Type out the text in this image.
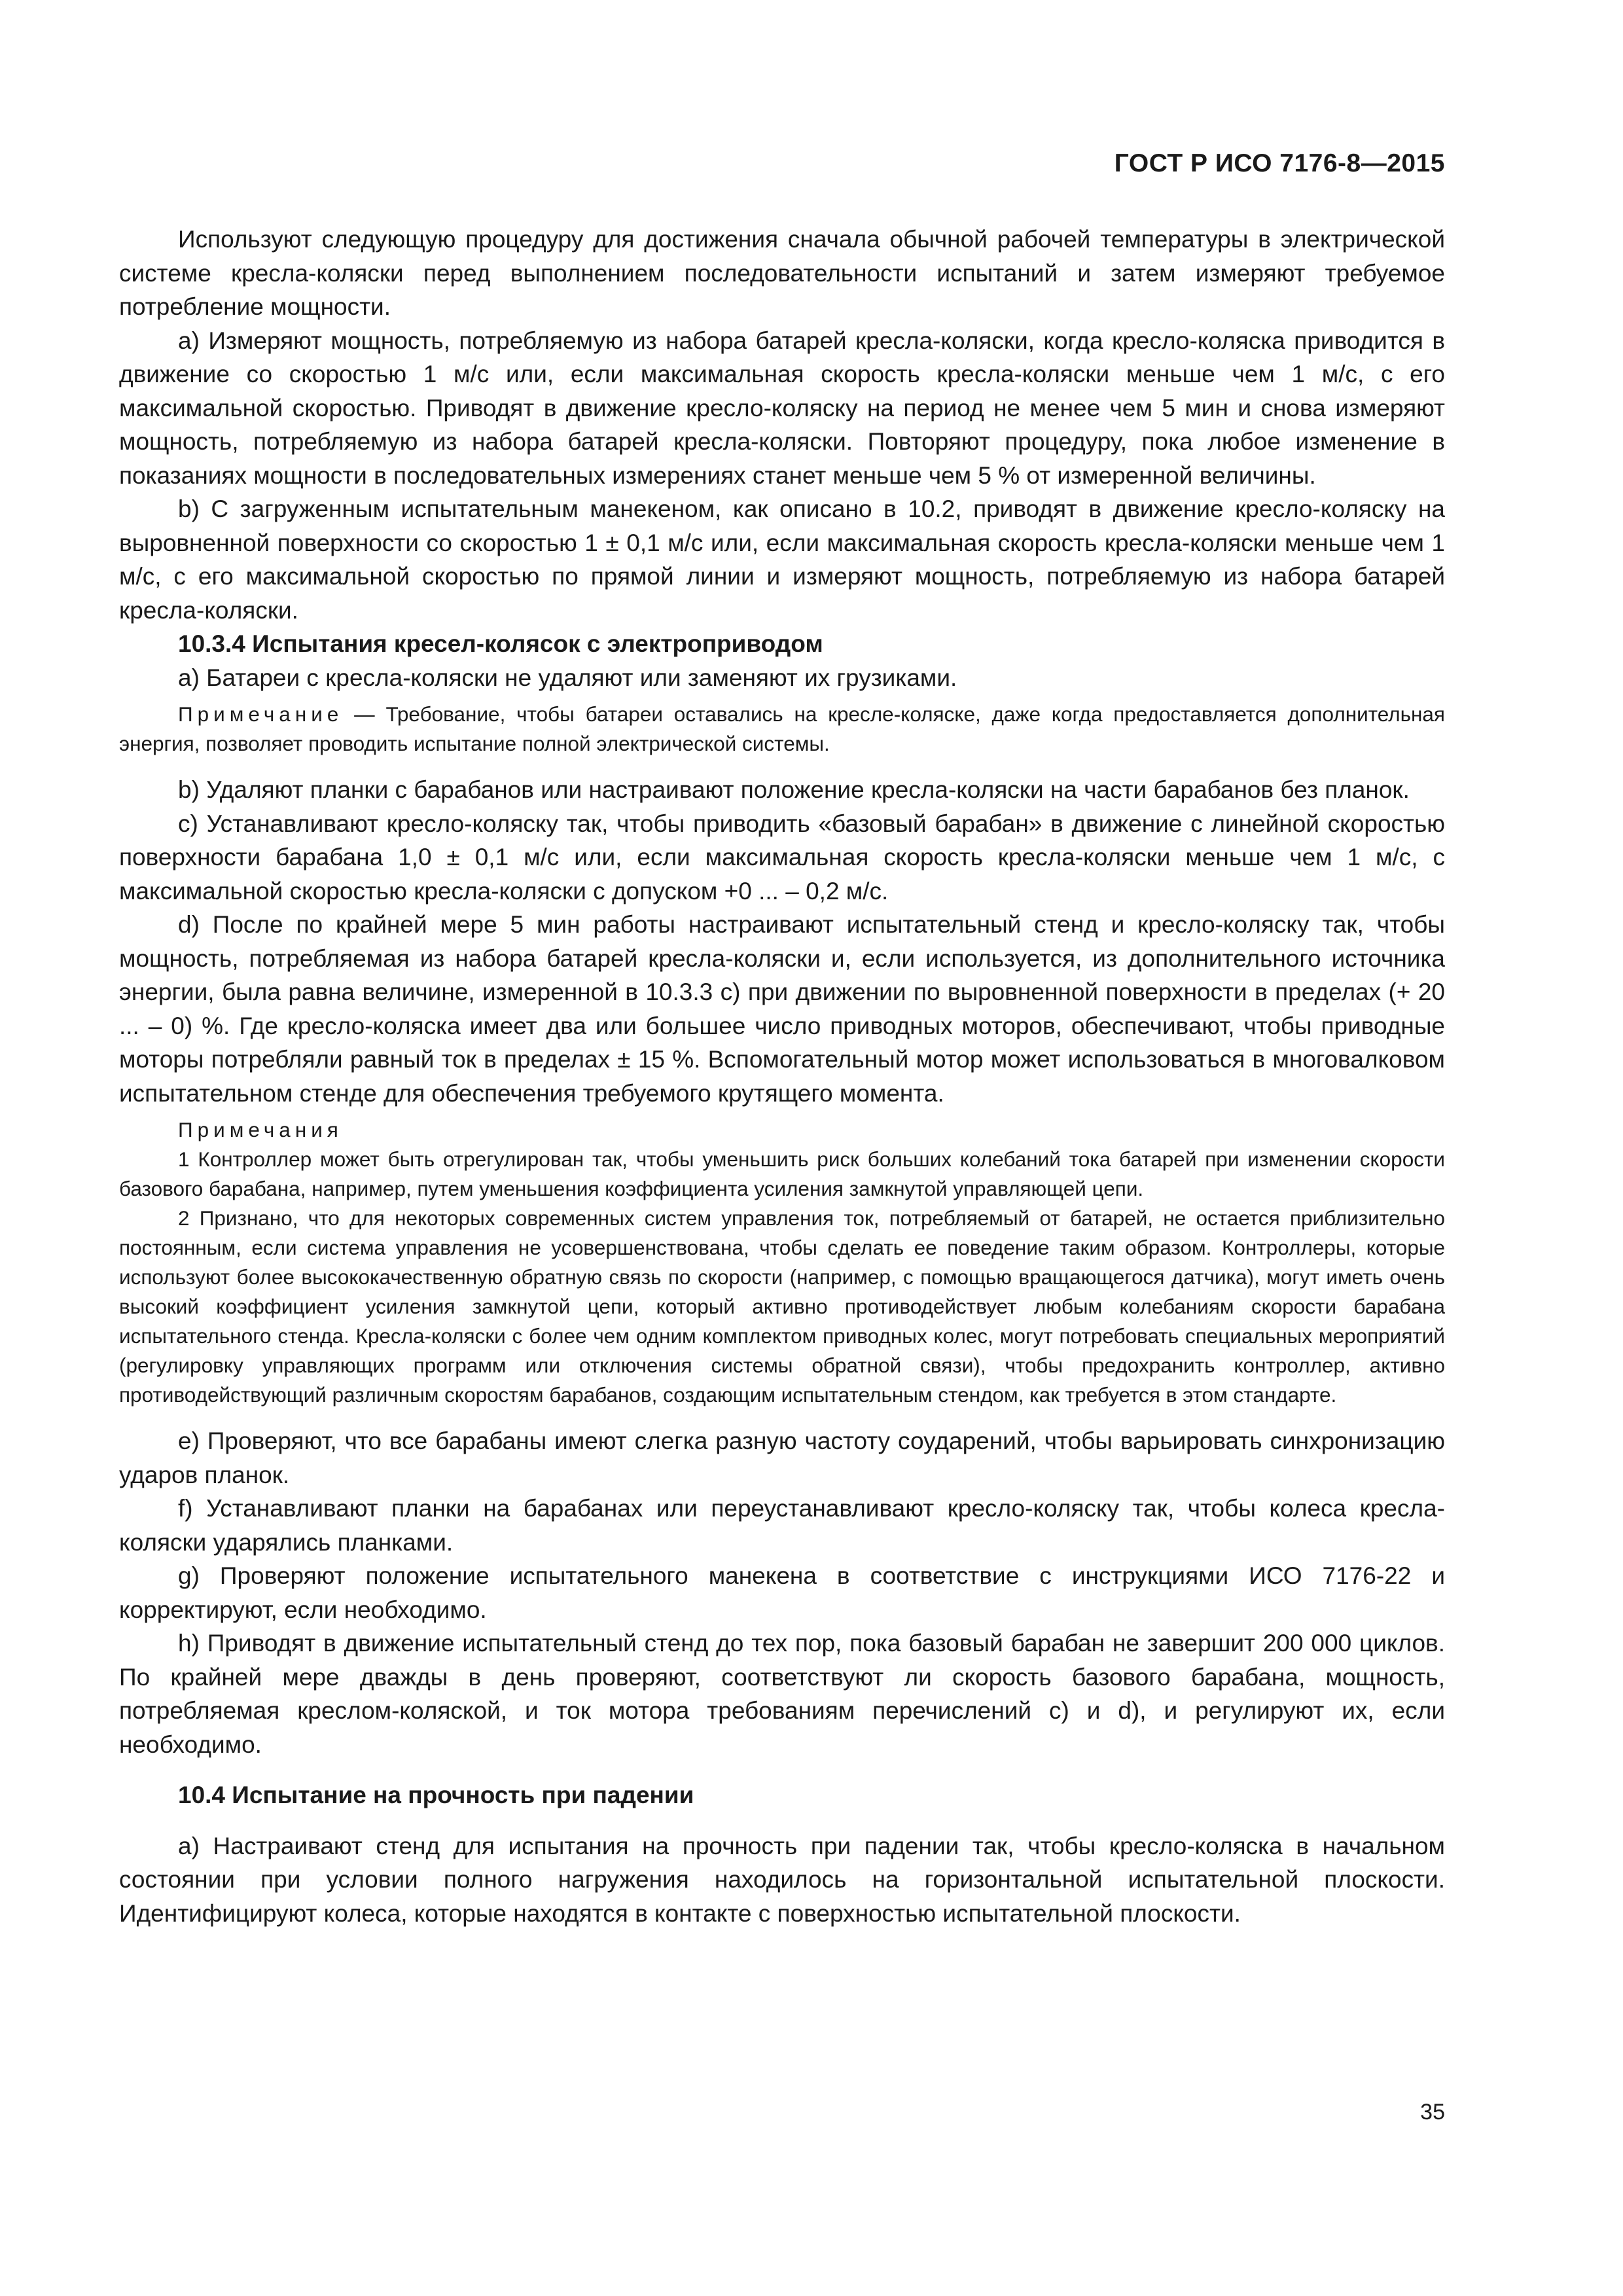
ГОСТ Р ИСО 7176-8—2015

Используют следующую процедуру для достижения сначала обычной рабочей температуры в электрической системе кресла-коляски перед выполнением последовательности испытаний и затем измеряют требуемое потребление мощности.

а) Измеряют мощность, потребляемую из набора батарей кресла-коляски, когда кресло-коляска приводится в движение со скоростью 1 м/с или, если максимальная скорость кресла-коляски меньше чем 1 м/с, с его максимальной скоростью. Приводят в движение кресло-коляску на период не менее чем 5 мин и снова измеряют мощность, потребляемую из набора батарей кресла-коляски. Повторяют процедуру, пока любое изменение в показаниях мощности в последовательных измерениях станет меньше чем 5 % от измеренной величины.

b) С загруженным испытательным манекеном, как описано в 10.2, приводят в движение кресло-коляску на выровненной поверхности со скоростью 1 ± 0,1 м/с или, если максимальная скорость кресла-коляски меньше чем 1 м/с, с его максимальной скоростью по прямой линии и измеряют мощность, потребляемую из набора батарей кресла-коляски.

10.3.4 Испытания кресел-колясок с электроприводом

а) Батареи с кресла-коляски не удаляют или заменяют их грузиками.

Примечание — Требование, чтобы батареи оставались на кресле-коляске, даже когда предоставляется дополнительная энергия, позволяет проводить испытание полной электрической системы.

b) Удаляют планки с барабанов или настраивают положение кресла-коляски на части барабанов без планок.

c) Устанавливают кресло-коляску так, чтобы приводить «базовый барабан» в движение с линейной скоростью поверхности барабана 1,0 ± 0,1 м/с или, если максимальная скорость кресла-коляски меньше чем 1 м/с, с максимальной скоростью кресла-коляски с допуском +0 ... – 0,2 м/с.

d) После по крайней мере 5 мин работы настраивают испытательный стенд и кресло-коляску так, чтобы мощность, потребляемая из набора батарей кресла-коляски и, если используется, из дополнительного источника энергии, была равна величине, измеренной в 10.3.3 с) при движении по выровненной поверхности в пределах (+ 20 ... – 0) %. Где кресло-коляска имеет два или большее число приводных моторов, обеспечивают, чтобы приводные моторы потребляли равный ток в пределах ± 15 %. Вспомогательный мотор может использоваться в многовалковом испытательном стенде для обеспечения требуемого крутящего момента.

Примечания

1 Контроллер может быть отрегулирован так, чтобы уменьшить риск больших колебаний тока батарей при изменении скорости базового барабана, например, путем уменьшения коэффициента усиления замкнутой управляющей цепи.

2 Признано, что для некоторых современных систем управления ток, потребляемый от батарей, не остается приблизительно постоянным, если система управления не усовершенствована, чтобы сделать ее поведение таким образом. Контроллеры, которые используют более высококачественную обратную связь по скорости (например, с помощью вращающегося датчика), могут иметь очень высокий коэффициент усиления замкнутой цепи, который активно противодействует любым колебаниям скорости барабана испытательного стенда. Кресла-коляски с более чем одним комплектом приводных колес, могут потребовать специальных мероприятий (регулировку управляющих программ или отключения системы обратной связи), чтобы предохранить контроллер, активно противодействующий различным скоростям барабанов, создающим испытательным стендом, как требуется в этом стандарте.

e) Проверяют, что все барабаны имеют слегка разную частоту соударений, чтобы варьировать синхронизацию ударов планок.

f) Устанавливают планки на барабанах или переустанавливают кресло-коляску так, чтобы колеса кресла-коляски ударялись планками.

g) Проверяют положение испытательного манекена в соответствие с инструкциями ИСО 7176-22 и корректируют, если необходимо.

h) Приводят в движение испытательный стенд до тех пор, пока базовый барабан не завершит 200 000 циклов. По крайней мере дважды в день проверяют, соответствуют ли скорость базового барабана, мощность, потребляемая креслом-коляской, и ток мотора требованиям перечислений с) и d), и регулируют их, если необходимо.

10.4 Испытание на прочность при падении

a) Настраивают стенд для испытания на прочность при падении так, чтобы кресло-коляска в начальном состоянии при условии полного нагружения находилось на горизонтальной испытательной плоскости. Идентифицируют колеса, которые находятся в контакте с поверхностью испытательной плоскости.

35
